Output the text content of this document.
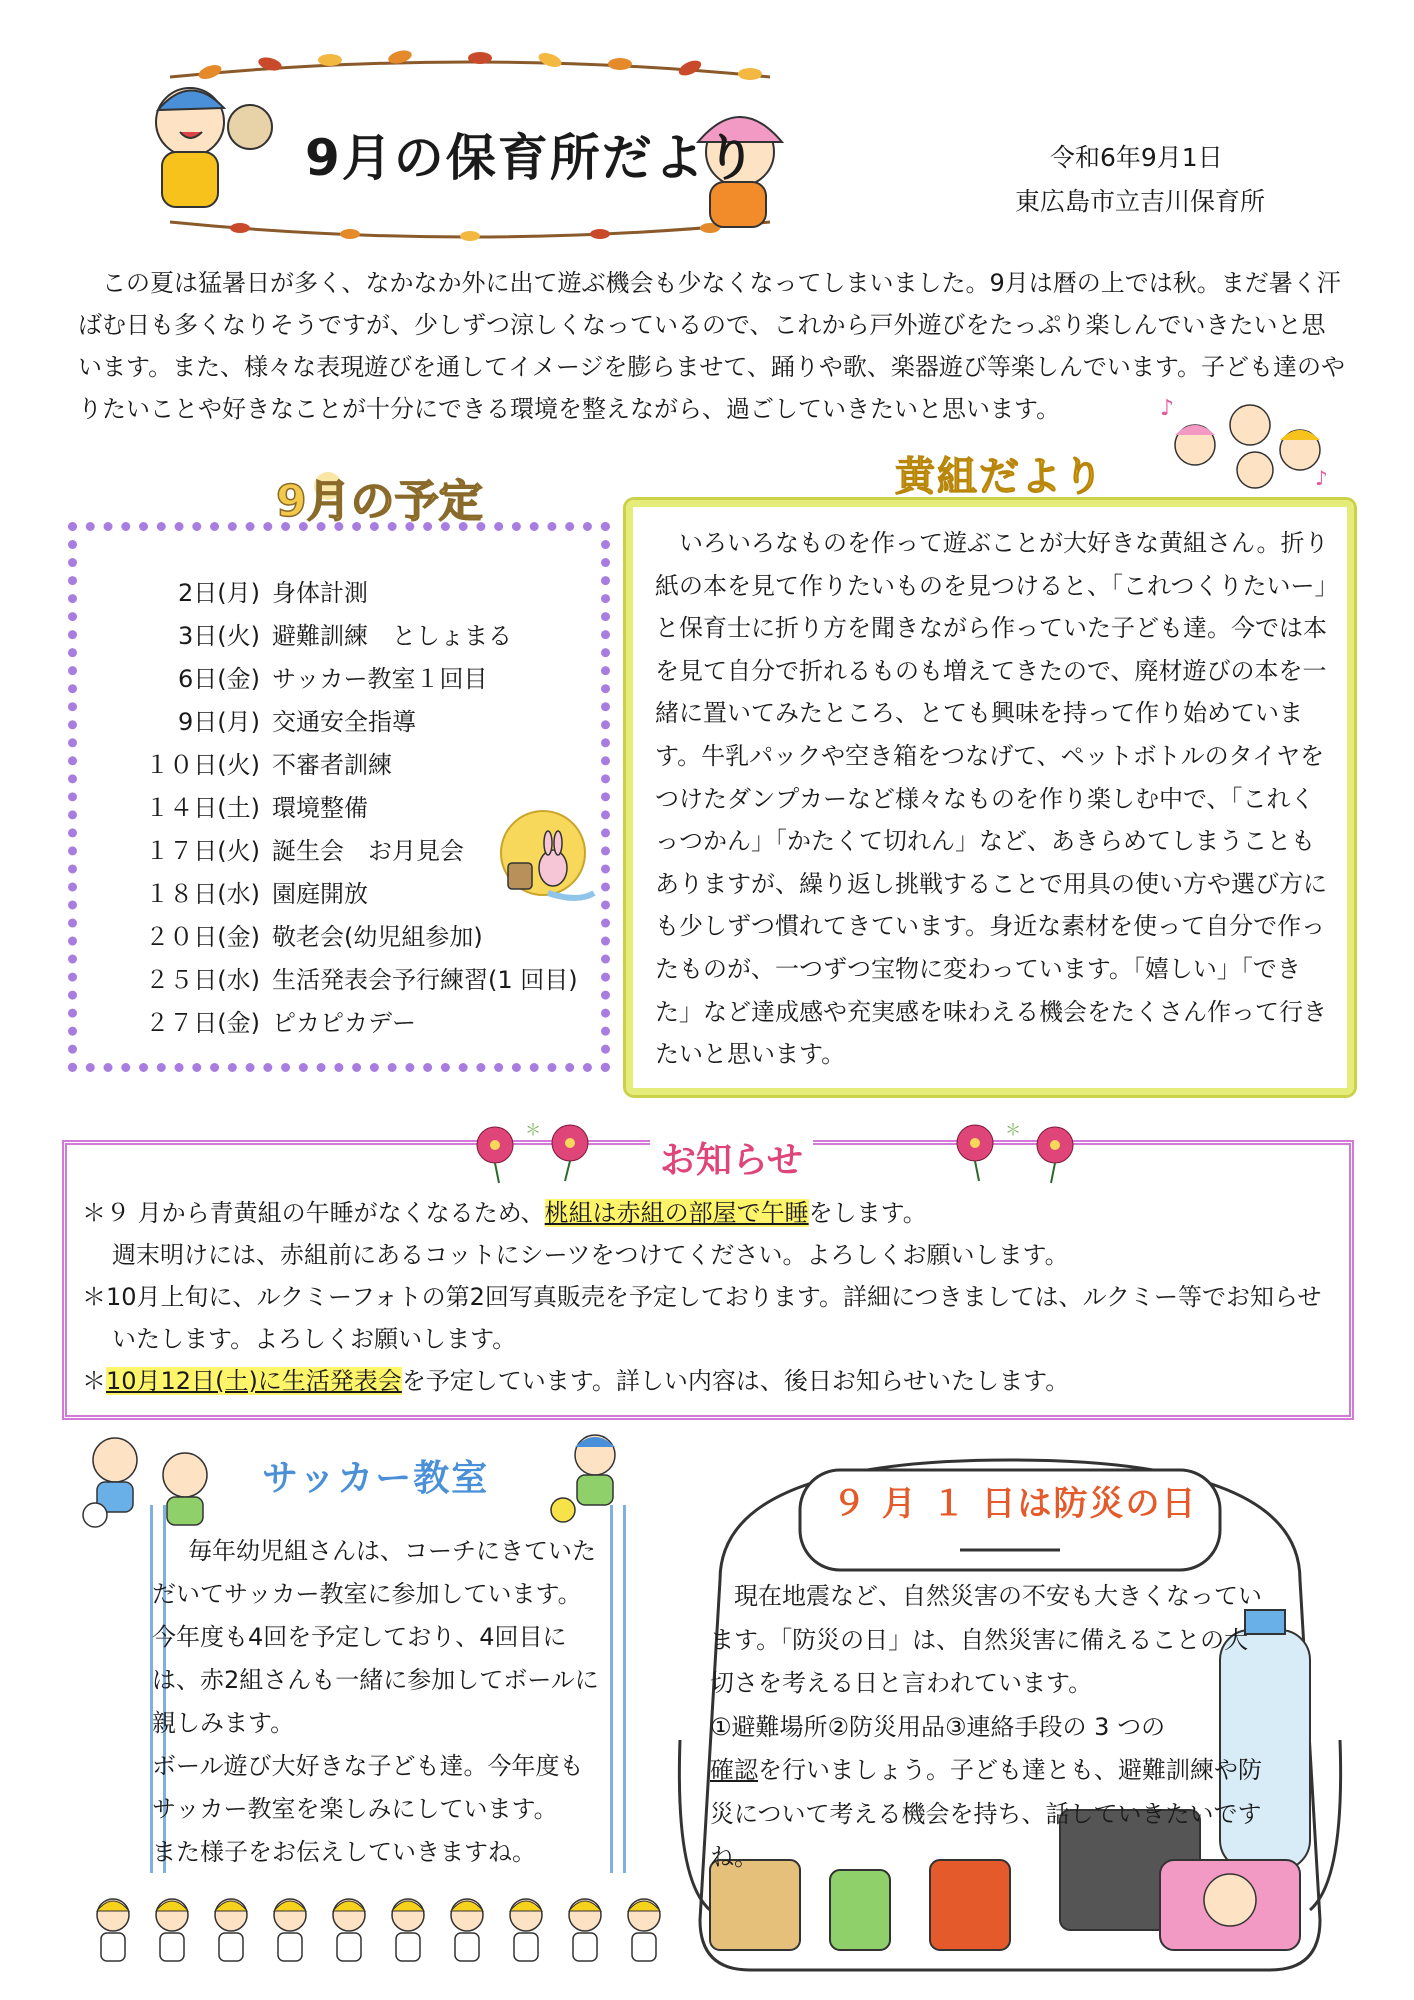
9月の保育所だより	令和6年9月1日
東広島市立吉川保育所
この夏は猛暑日が多く、なかなか外に出て遊ぶ機会も少なくなってしまいました。9月は暦の上では秋。まだ暑く汗ばむ日も多くなりそうですが、少しずつ涼しくなっているので、これから戸外遊びをたっぷり楽しんでいきたいと思います。また、様々な表現遊びを通してイメージを膨らませて、踊りや歌、楽器遊び等楽しんでいます。子ども達のやりたいことや好きなことが十分にできる環境を整えながら、過ごしていきたいと思います。
9月の予定
2日(月) 身体計測
3日(火) 避難訓練　としょまる
6日(金) サッカー教室１回目
9日(月) 交通安全指導
１０日(火) 不審者訓練
１４日(土) 環境整備
１７日(火) 誕生会　お月見会
１８日(水) 園庭開放
２０日(金) 敬老会(幼児組参加)
２５日(水) 生活発表会予行練習(1 回目)
２７日(金) ピカピカデー
黄組だより
♪
♪
いろいろなものを作って遊ぶことが大好きな黄組さん。折り紙の本を見て作りたいものを見つけると、「これつくりたいー」と保育士に折り方を聞きながら作っていた子ども達。今では本を見て自分で折れるものも増えてきたので、廃材遊びの本を一緒に置いてみたところ、とても興味を持って作り始めています。牛乳パックや空き箱をつなげて、ペットボトルのタイヤをつけたダンプカーなど様々なものを作り楽しむ中で、「これくっつかん」「かたくて切れん」など、あきらめてしまうこともありますが、繰り返し挑戦することで用具の使い方や選び方にも少しずつ慣れてきています。身近な素材を使って自分で作ったものが、一つずつ宝物に変わっています。「嬉しい」「できた」など達成感や充実感を味わえる機会をたくさん作って行きたいと思います。
＊	＊
お知らせ
＊９ 月から青黄組の午睡がなくなるため、桃組は赤組の部屋で午睡をします。
週末明けには、赤組前にあるコットにシーツをつけてください。よろしくお願いします。
＊10月上旬に、ルクミーフォトの第2回写真販売を予定しております。詳細につきましては、ルクミー等でお知らせいたします。よろしくお願いします。
＊10月12日(土)に生活発表会を予定しています。詳しい内容は、後日お知らせいたします。
サッカー教室
毎年幼児組さんは、コーチにきていただいてサッカー教室に参加しています。今年度も4回を予定しており、4回目には、赤2組さんも一緒に参加してボールに親しみます。
ボール遊び大好きな子ども達。今年度もサッカー教室を楽しみにしています。
また様子をお伝えしていきますね。
９ 月 １ 日は防災の日
現在地震など、自然災害の不安も大きくなっています。「防災の日」は、自然災害に備えることの大切さを考える日と言われています。
①避難場所②防災用品③連絡手段の 3 つの
確認を行いましょう。子ども達とも、避難訓練や防災について考える機会を持ち、話していきたいですね。
